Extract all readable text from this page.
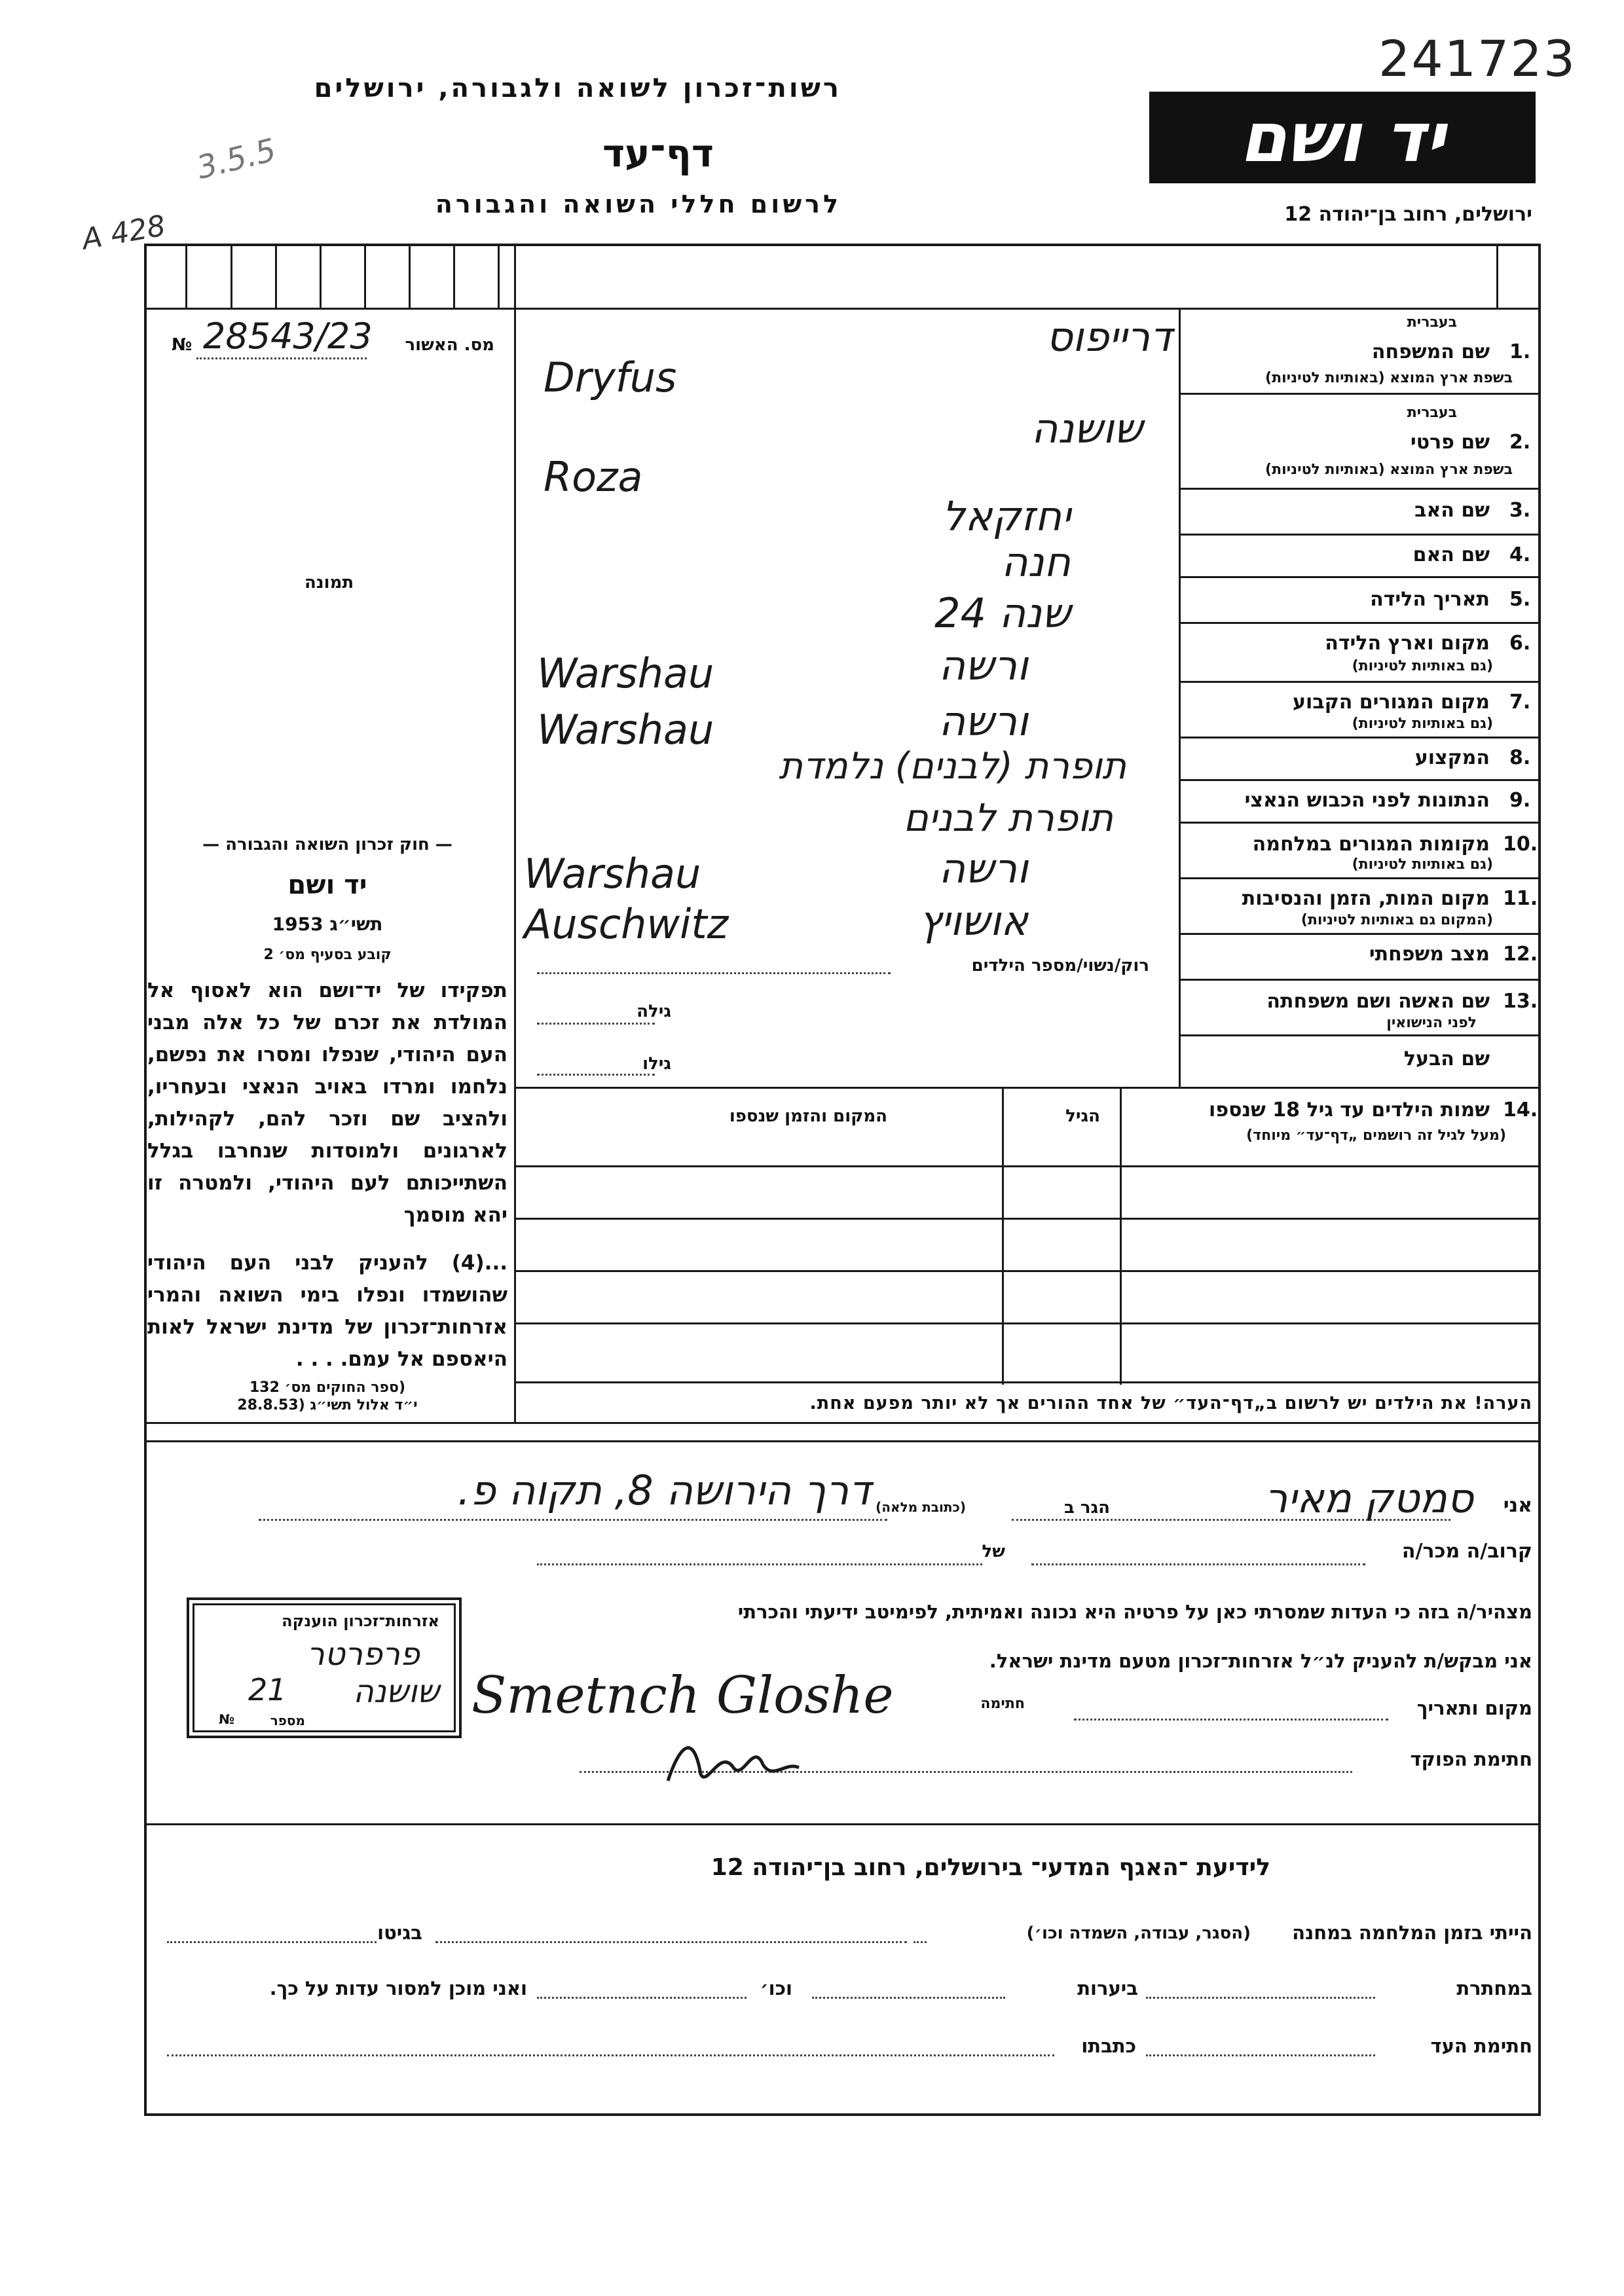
רשות־זכרון לשואה ולגבורה, ירושלים
דף־עד
לרשום חללי השואה והגבורה
3.5.5
A 428
241723
יד ושם
ירושלים, רחוב בן־יהודה 12
מס. האשור
№ 28543/23
תמונה

— חוק זכרון השואה והגבורה —

יד ושם

תשי״ג 1953

קובע בסעיף מס׳ 2

תפקידו של יד־ושם הוא לאסוף אל המולדת את זכרם של כל אלה מבני העם היהודי, שנפלו ומסרו את נפשם, נלחמו ומרדו באויב הנאצי ובעחריו, ולהציב שם וזכר להם, לקהילות, לארגונים ולמוסדות שנחרבו בגלל השתייכותם לעם היהודי, ולמטרה זו יהא מוסמך

...(4) להעניק לבני העם היהודי שהושמדו ונפלו בימי השואה והמרי אזרחות־זכרון של מדינת ישראל לאות היאספם אל עמם. . . .

(ספר החוקים מס׳ 132

י״ד אלול תשי״ג (28.8.53

1.
שם המשפחה
בעברית
בשפת ארץ המוצא (באותיות לטיניות)
דרייפוס
Dryfus
2.
שם פרטי
בעברית
בשפת ארץ המוצא (באותיות לטיניות)
שושנה
Roza
3.
שם האב
יחזקאל
4.
שם האם
חנה
5.
תאריך הלידה
שנה 24
6.
מקום וארץ הלידה
(גם באותיות לטיניות)
ורשה
Warshau
7.
מקום המגורים הקבוע
(גם באותיות לטיניות)
ורשה
Warshau
8.
המקצוע
תופרת (לבנים) נלמדת
9.
הנתונות לפני הכבוש הנאצי
תופרת לבנים
10.
מקומות המגורים במלחמה
(גם באותיות לטיניות)
ורשה
Warshau
11.
מקום המות, הזמן והנסיבות
(המקום גם באותיות לטיניות)
אושויץ
Auschwitz
12.
מצב משפחתי
רוק/נשוי/מספר הילדים
13.
שם האשה ושם משפחתה
לפני הנישואין
גילה
שם הבעל
גילו
14.
שמות הילדים עד גיל 18 שנספו
(מעל לגיל זה רושמים „דף־עד״ מיוחד)
הגיל
המקום והזמן שנספו
הערה! את הילדים יש לרשום ב„דף־העד״ של אחד ההורים אך לא יותר מפעם אחת.
אני
סמטק מאיר
הגר ב
(כתובת מלאה)
דרך הירושה 8, תקוה פ.
קרוב/ה מכר/ה
של
מצהיר/ה בזה כי העדות שמסרתי כאן על פרטיה היא נכונה ואמיתית, לפימיטב ידיעתי והכרתי
אני מבקש/ת להעניק לנ״ל אזרחות־זכרון מטעם מדינת ישראל.
מקום ותאריך
חתימה
Smetnch Gloshe
חתימת הפוקד
אזרחות־זכרון הוענקה
פרפרטר
שושנה
21
№	מספר
לידיעת ־האגף המדעי־ בירושלים, רחוב בן־יהודה 12
הייתי בזמן המלחמה במחנה
(הסגר, עבודה, השמדה וכו׳)
בגיטו
במחתרת
ביערות
וכו׳
ואני מוכן למסור עדות על כך.
חתימת העד
כתבתו
